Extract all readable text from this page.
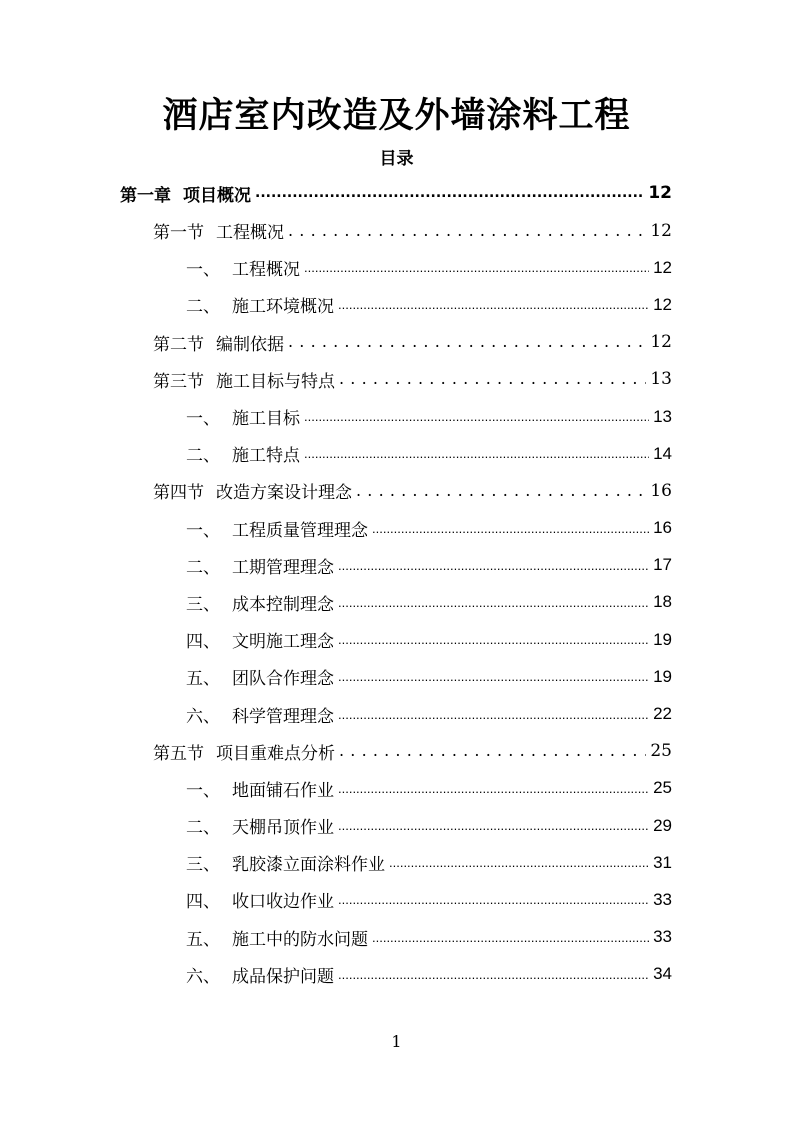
酒店室内改造及外墙涂料工程
目录
第一章 项目概况 .....	12
第一节 工程概况 .....	12
一、 工程概况 .....	12
二、 施工环境概况 .....	12
第二节 编制依据 .....	12
第三节 施工目标与特点 .....	13
一、 施工目标 .....	13
二、 施工特点 .....	14
第四节 改造方案设计理念 .....	16
一、 工程质量管理理念 .....	16
二、 工期管理理念 .....	17
三、 成本控制理念 .....	18
四、 文明施工理念 .....	19
五、 团队合作理念 .....	19
六、 科学管理理念 .....	22
第五节 项目重难点分析 .....	25
一、 地面铺石作业 .....	25
二、 天棚吊顶作业 .....	29
三、 乳胶漆立面涂料作业 .....	31
四、 收口收边作业 .....	33
五、 施工中的防水问题 .....	33
六、 成品保护问题 .....	34
1
